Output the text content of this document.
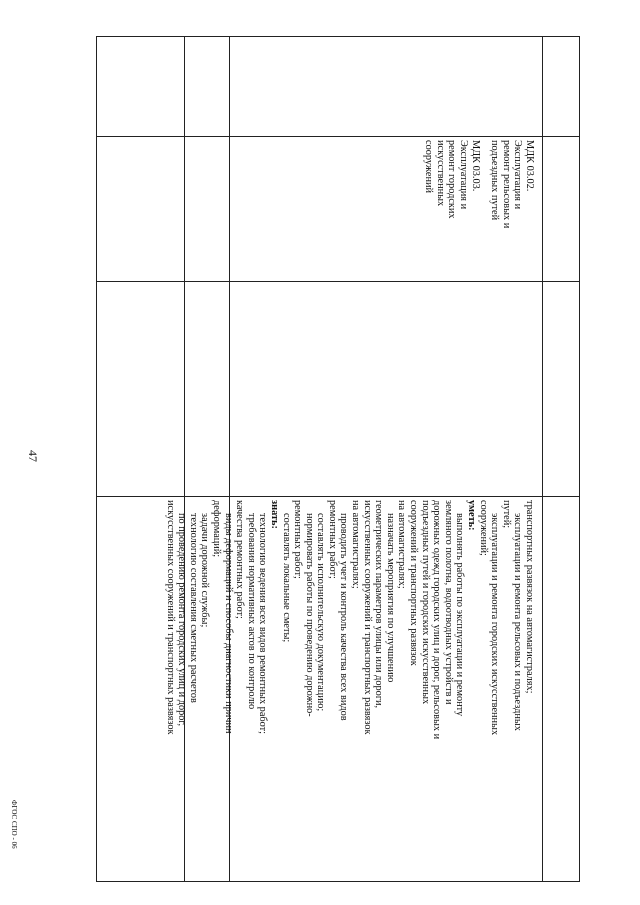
47
ФГОС СПО - 06
транспортных развязок на автомагистралях;
эксплуатации и ремонта рельсовых и подъездных
путей;
эксплуатации и ремонта городских искусственных
сооружений;
уметь:
выполнять работы по эксплуатации и ремонту
земляного полотна, водоотводных устройств и
дорожных одежд городских улиц и дорог, рельсовых и
подъездных путей и городских искусственных
сооружений и транспортных развязок
на автомагистралях;
назначать мероприятия по улучшению
геометрических параметров улицы или дороги,
искусственных сооружений и транспортных развязок
на автомагистралях;
проводить учет и контроль качества всех видов
ремонтных работ;
составлять исполнительскую документацию;
нормировать работы по проведению дорожно-
ремонтных работ;
составлять локальные сметы;
знать:
технологию ведения всех видов ремонтных работ;
требования нормативных актов по контролю
качества ремонтных работ;
виды деформаций и способы диагностики причин
деформаций;
задачи дорожной службы;
технологию составления сметных расчетов
по проведению ремонта городских улиц и дорог,
искусственных сооружений и транспортных развязок
МДК 03.02.
Эксплуатация и
ремонт рельсовых и
подъездных путей
МДК 03.03.
Эксплуатация и
ремонт городских
искусственных
сооружений
